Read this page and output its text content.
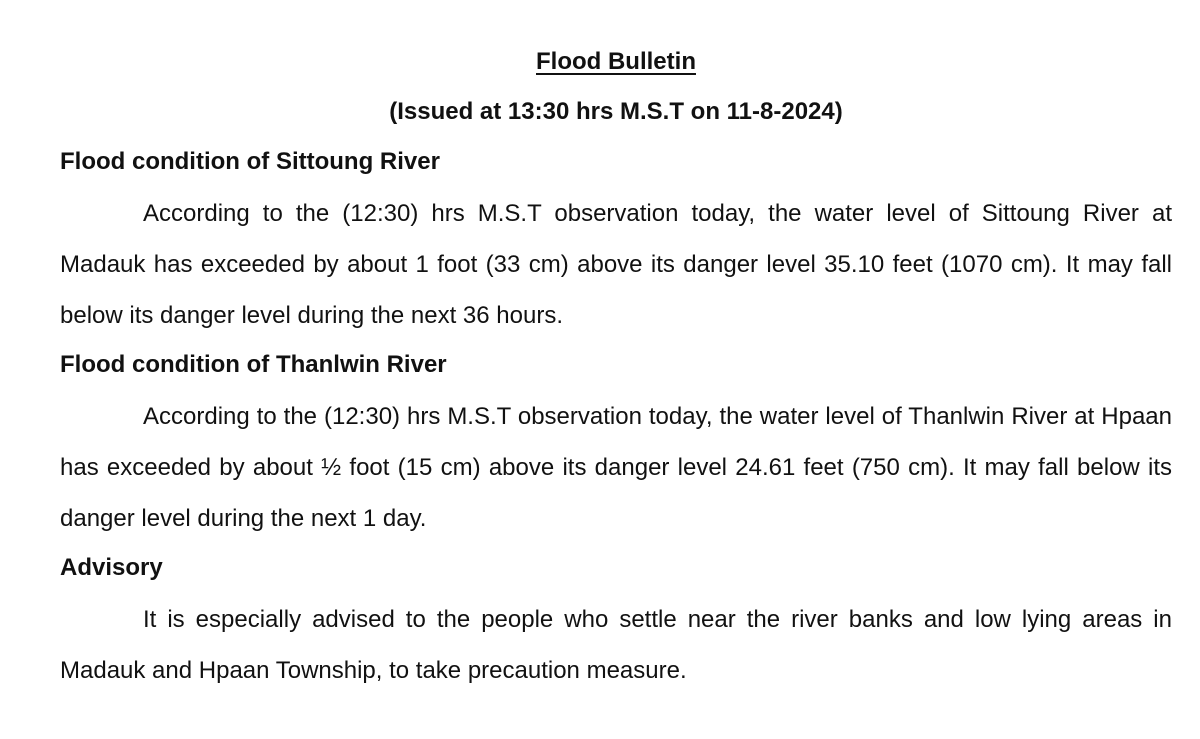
Flood Bulletin
(Issued at 13:30 hrs M.S.T on 11-8-2024)
Flood condition of Sittoung River

According to the (12:30) hrs M.S.T observation today, the water level of Sittoung River at Madauk has exceeded by about 1 foot (33 cm) above its danger level 35.10 feet (1070 cm). It may fall below its danger level during the next 36 hours.

Flood condition of Thanlwin River

According to the (12:30) hrs M.S.T observation today, the water level of Thanlwin River at Hpaan has exceeded by about ½ foot (15 cm) above its danger level 24.61 feet (750 cm). It may fall below its danger level during the next 1 day.

Advisory

It is especially advised to the people who settle near the river banks and low lying areas in Madauk and Hpaan Township, to take precaution measure.
